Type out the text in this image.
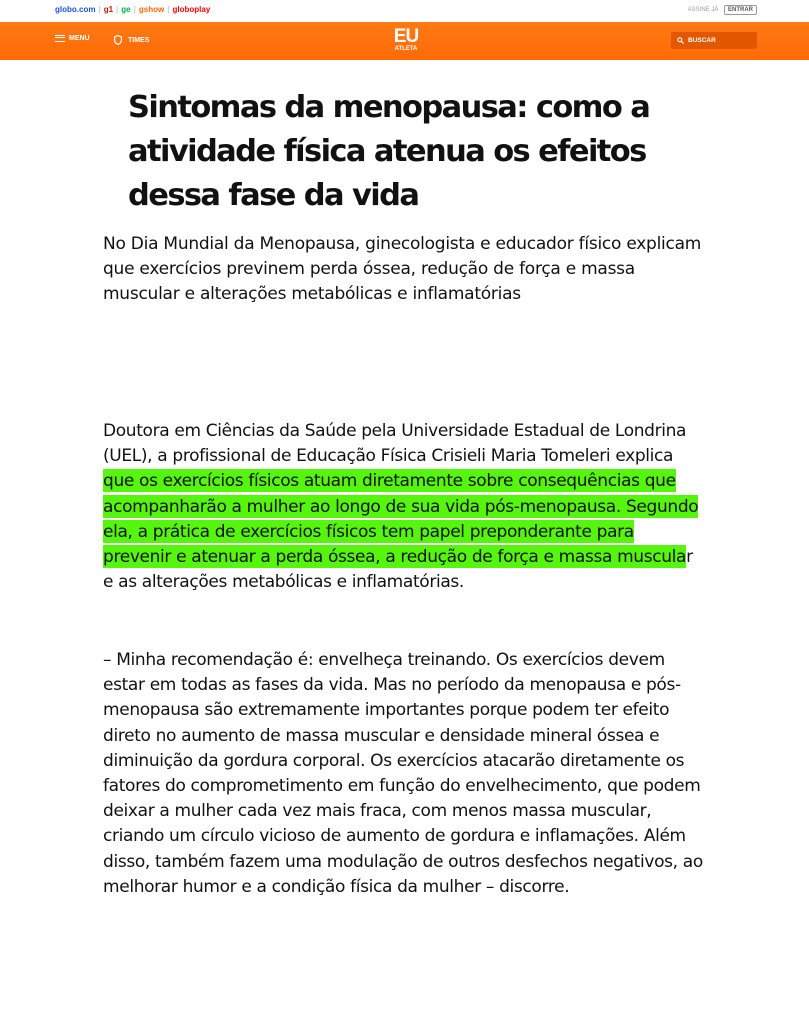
globo.com | g1 | ge | gshow | globoplay	ASSINE JÁ ENTRAR
MENU	TIMES	EU
ATLETA
BUSCAR
Sintomas da menopausa: como a atividade física atenua os efeitos dessa fase da vida

No Dia Mundial da Menopausa, ginecologista e educador físico explicam que exercícios previnem perda óssea, redução de força e massa muscular e alterações metabólicas e inflamatórias

Doutora em Ciências da Saúde pela Universidade Estadual de Londrina (UEL), a profissional de Educação Física Crisieli Maria Tomeleri explica que os exercícios físicos atuam diretamente sobre consequências que acompanharão a mulher ao longo de sua vida pós-menopausa. Segundo ela, a prática de exercícios físicos tem papel preponderante para prevenir e atenuar a perda óssea, a redução de força e massa muscular e as alterações metabólicas e inflamatórias.

– Minha recomendação é: envelheça treinando. Os exercícios devem estar em todas as fases da vida. Mas no período da menopausa e pós-menopausa são extremamente importantes porque podem ter efeito direto no aumento de massa muscular e densidade mineral óssea e diminuição da gordura corporal. Os exercícios atacarão diretamente os fatores do comprometimento em função do envelhecimento, que podem deixar a mulher cada vez mais fraca, com menos massa muscular, criando um círculo vicioso de aumento de gordura e inflamações. Além disso, também fazem uma modulação de outros desfechos negativos, ao melhorar humor e a condição física da mulher – discorre.
